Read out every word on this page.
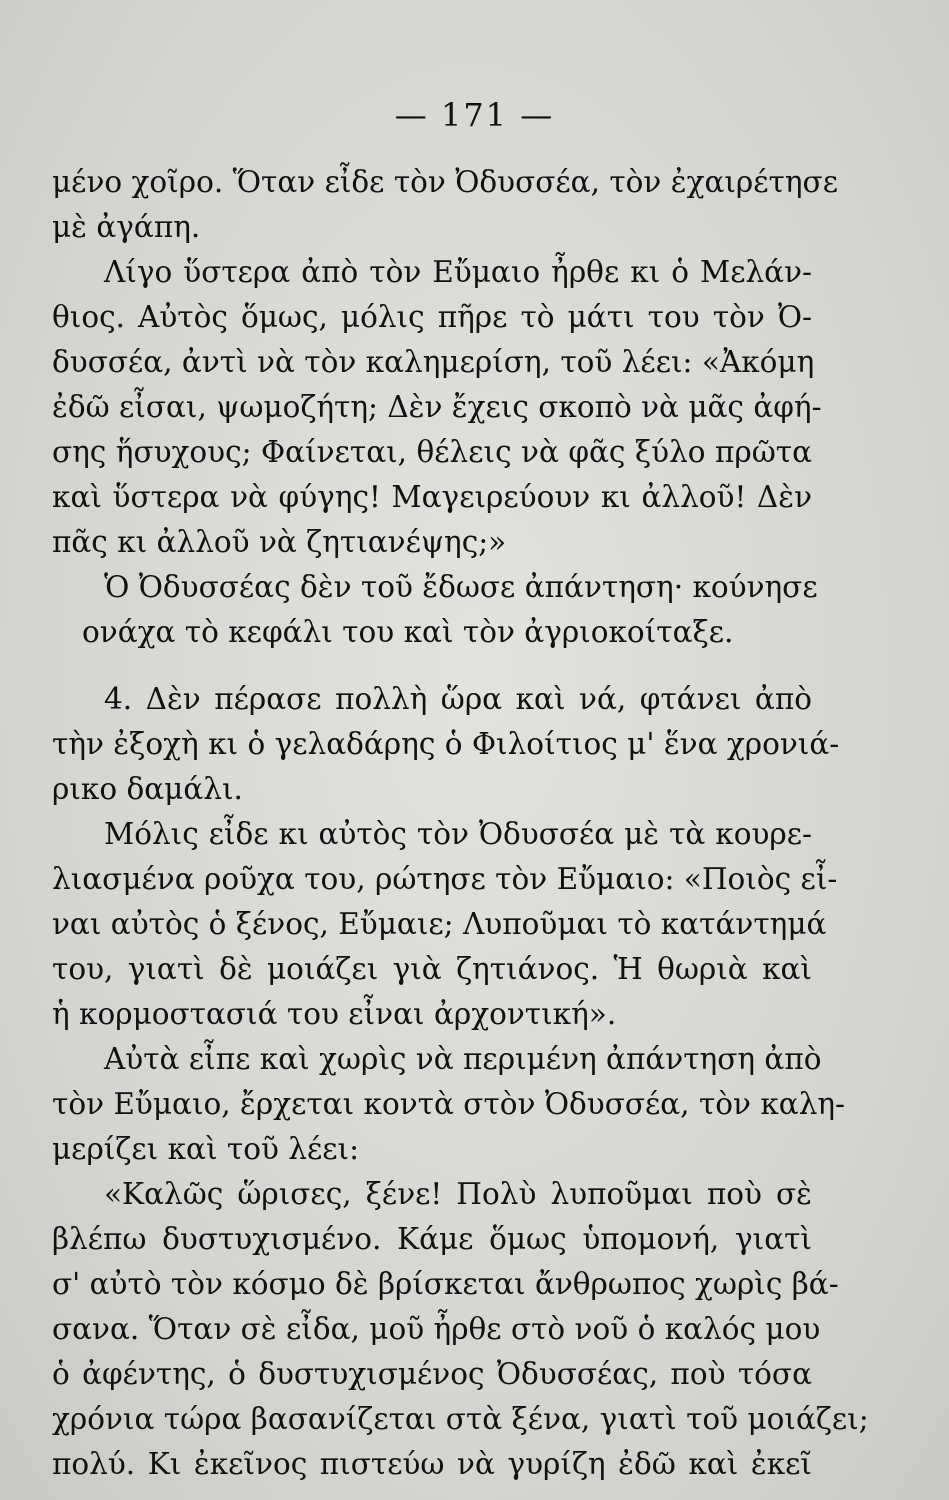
— 171 —
μένο χοῖρο. Ὅταν εἶδε τὸν Ὀδυσσέα, τὸν ἐχαιρέτησε
μὲ ἀγάπη.
Λίγο ὕστερα ἀπὸ τὸν Εὔμαιο ἦρθε κι ὁ Μελάν-
θιος. Αὐτὸς ὅμως, μόλις πῆρε τὸ μάτι του τὸν Ὀ-
δυσσέα, ἀντὶ νὰ τὸν καλημερίση, τοῦ λέει: «Ἀκόμη
ἐδῶ εἶσαι, ψωμοζήτη; Δὲν ἔχεις σκοπὸ νὰ μᾶς ἀφή-
σης ἥσυχους; Φαίνεται, θέλεις νὰ φᾶς ξύλο πρῶτα
καὶ ὕστερα νὰ φύγης! Μαγειρεύουν κι ἀλλοῦ! Δὲν
πᾶς κι ἀλλοῦ νὰ ζητιανέψης;»
Ὁ Ὀδυσσέας δὲν τοῦ ἔδωσε ἀπάντηση· κούνησε
ονάχα τὸ κεφάλι του καὶ τὸν ἀγριοκοίταξε.
4. Δὲν πέρασε πολλὴ ὥρα καὶ νά, φτάνει ἀπὸ
τὴν ἐξοχὴ κι ὁ γελαδάρης ὁ Φιλοίτιος μ' ἕνα χρονιά-
ρικο δαμάλι.
Μόλις εἶδε κι αὐτὸς τὸν Ὀδυσσέα μὲ τὰ κουρε-
λιασμένα ροῦχα του, ρώτησε τὸν Εὔμαιο: «Ποιὸς εἶ-
ναι αὐτὸς ὁ ξένος, Εὔμαιε; Λυποῦμαι τὸ κατάντημά
του, γιατὶ δὲ μοιάζει γιὰ ζητιάνος. Ἡ θωριὰ καὶ
ἡ κορμοστασιά του εἶναι ἀρχοντική».
Αὐτὰ εἶπε καὶ χωρὶς νὰ περιμένη ἀπάντηση ἀπὸ
τὸν Εὔμαιο, ἔρχεται κοντὰ στὸν Ὀδυσσέα, τὸν καλη-
μερίζει καὶ τοῦ λέει:
«Καλῶς ὥρισες, ξένε! Πολὺ λυποῦμαι ποὺ σὲ
βλέπω δυστυχισμένο. Κάμε ὅμως ὑπομονή, γιατὶ
σ' αὐτὸ τὸν κόσμο δὲ βρίσκεται ἄνθρωπος χωρὶς βά-
σανα. Ὅταν σὲ εἶδα, μοῦ ἦρθε στὸ νοῦ ὁ καλός μου
ὁ ἀφέντης, ὁ δυστυχισμένος Ὀδυσσέας, ποὺ τόσα
χρόνια τώρα βασανίζεται στὰ ξένα, γιατὶ τοῦ μοιάζει;
πολύ. Κι ἐκεῖνος πιστεύω νὰ γυρίζη ἐδῶ καὶ ἐκεῖ
